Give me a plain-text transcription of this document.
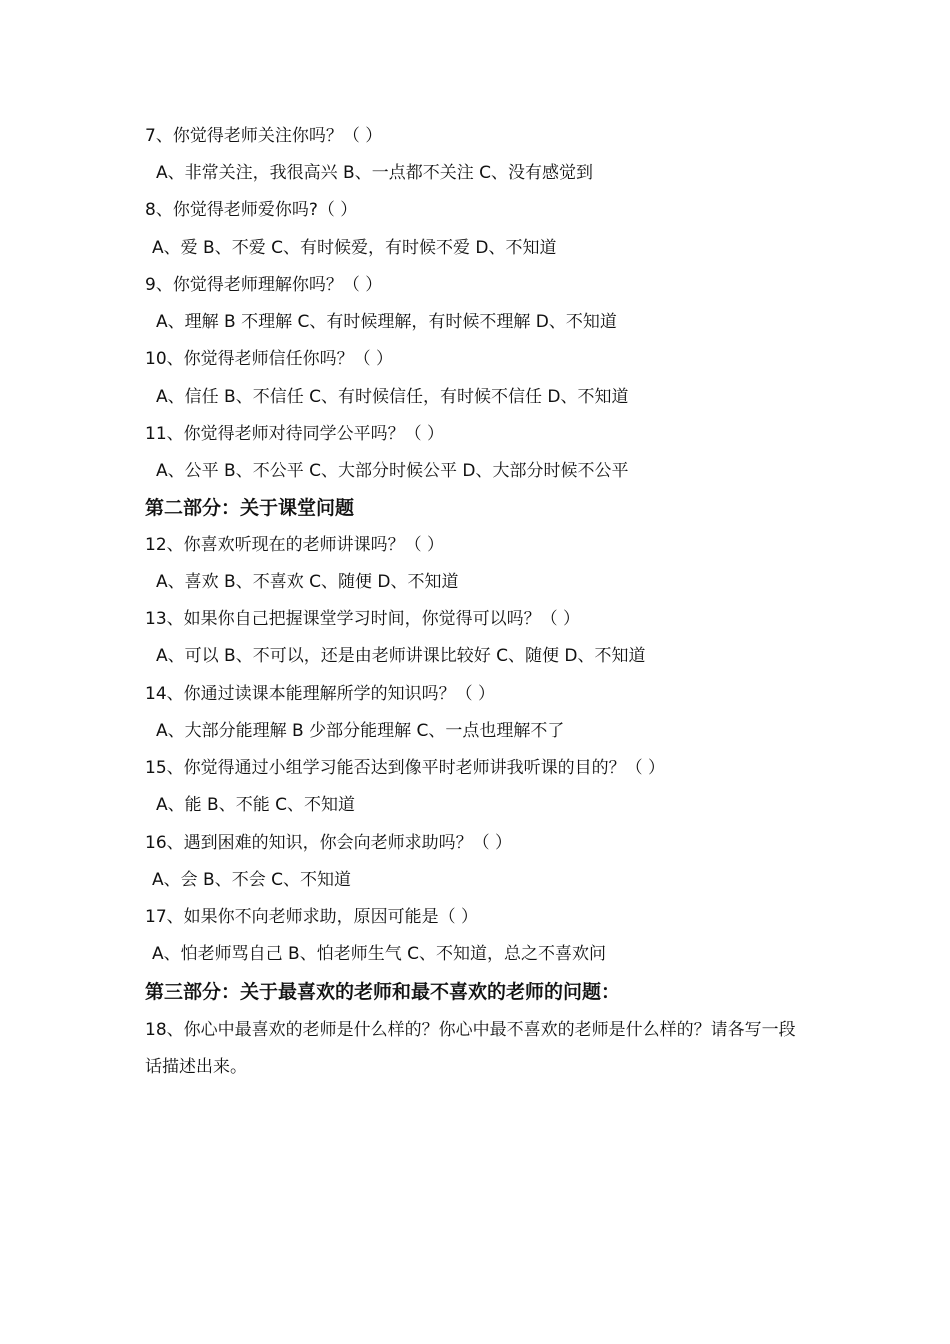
7、你觉得老师关注你吗？（ ）
A、非常关注，我很高兴 B、一点都不关注 C、没有感觉到
8、你觉得老师爱你吗?（ ）
A、爱 B、不爱 C、有时候爱，有时候不爱 D、不知道
9、你觉得老师理解你吗？（ ）
A、理解 B 不理解 C、有时候理解，有时候不理解 D、不知道
10、你觉得老师信任你吗？（ ）
A、信任 B、不信任 C、有时候信任，有时候不信任 D、不知道
11、你觉得老师对待同学公平吗？（ ）
A、公平 B、不公平 C、大部分时候公平 D、大部分时候不公平
第二部分：关于课堂问题
12、你喜欢听现在的老师讲课吗？（ ）
A、喜欢 B、不喜欢 C、随便 D、不知道
13、如果你自己把握课堂学习时间，你觉得可以吗？（ ）
A、可以 B、不可以，还是由老师讲课比较好 C、随便 D、不知道
14、你通过读课本能理解所学的知识吗？（ ）
A、大部分能理解 B 少部分能理解 C、一点也理解不了
15、你觉得通过小组学习能否达到像平时老师讲我听课的目的？（ ）
A、能 B、不能 C、不知道
16、遇到困难的知识，你会向老师求助吗？（ ）
A、会 B、不会 C、不知道
17、如果你不向老师求助，原因可能是（ ）
A、怕老师骂自己 B、怕老师生气 C、不知道，总之不喜欢问
第三部分：关于最喜欢的老师和最不喜欢的老师的问题：
18、你心中最喜欢的老师是什么样的？你心中最不喜欢的老师是什么样的？请各写一段话描述出来。
